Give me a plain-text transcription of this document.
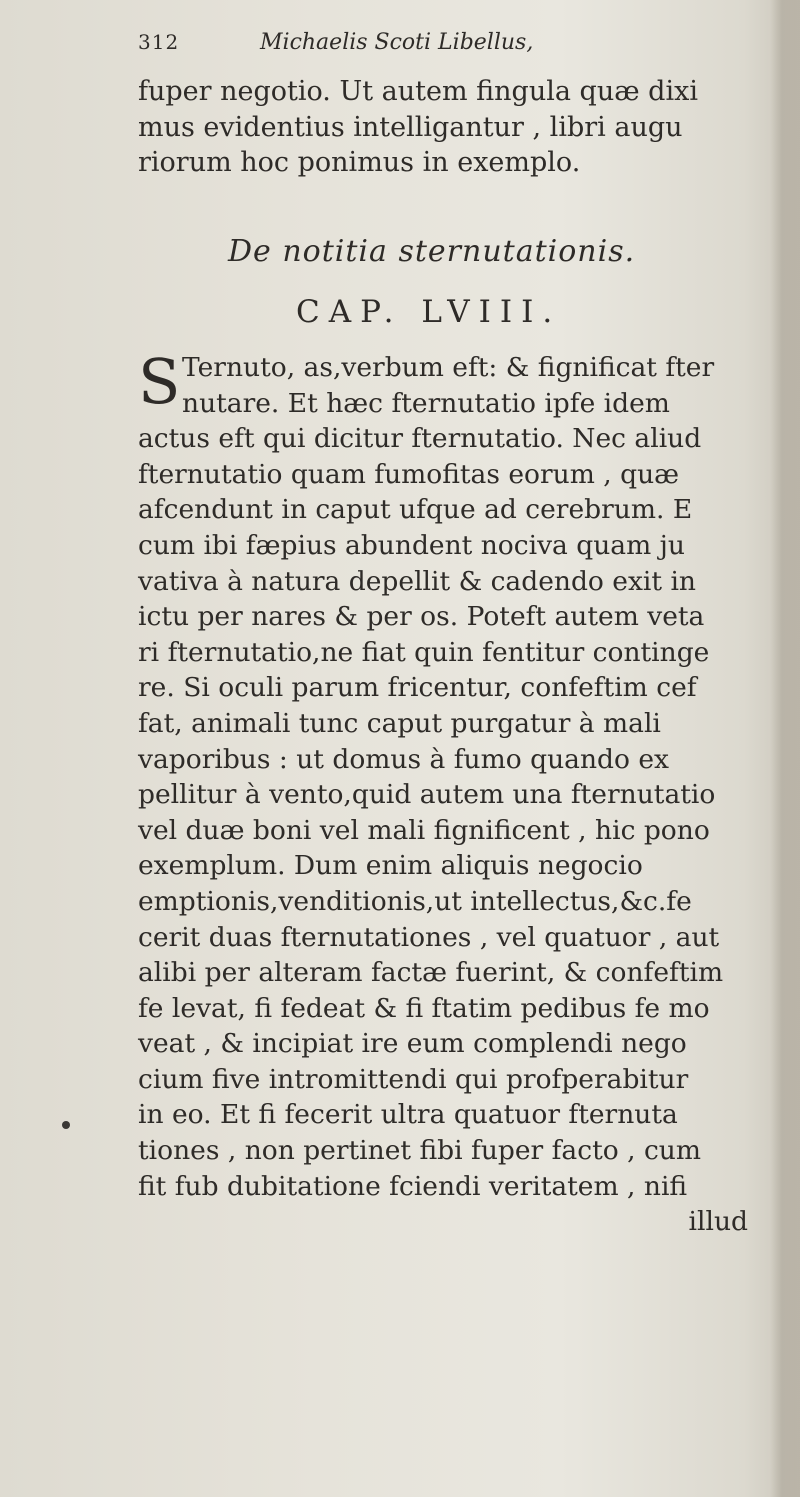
312	Michaelis Scoti Libellus,
fuper negotio. Ut autem fingula quæ dixi
mus evidentius intelligantur , libri augu
riorum hoc ponimus in exemplo.
De notitia sternutationis.
CAP. LVIII.
S Ternuto, as,verbum eft: & fignificat fter
nutare. Et hæc fternutatio ipfe idem
actus eft qui dicitur fternutatio. Nec aliud
fternutatio quam fumofitas eorum , quæ
afcendunt in caput ufque ad cerebrum. E
cum ibi fæpius abundent nociva quam ju
vativa à natura depellit & cadendo exit in
ictu per nares & per os. Poteft autem veta
ri fternutatio,ne fiat quin fentitur continge
re. Si oculi parum fricentur, confeftim cef
fat, animali tunc caput purgatur à mali
vaporibus : ut domus à fumo quando ex
pellitur à vento,quid autem una fternutatio
vel duæ boni vel mali fignificent , hic pono
exemplum. Dum enim aliquis negocio
emptionis,venditionis,ut intellectus,&c.fe
cerit duas fternutationes , vel quatuor , aut
alibi per alteram factæ fuerint, & confeftim
fe levat, fi fedeat & fi ftatim pedibus fe mo
veat , & incipiat ire eum complendi nego
cium five intromittendi qui profperabitur
in eo. Et fi fecerit ultra quatuor fternuta
tiones , non pertinet fibi fuper facto , cum
fit fub dubitatione fciendi veritatem , nifi
illud
